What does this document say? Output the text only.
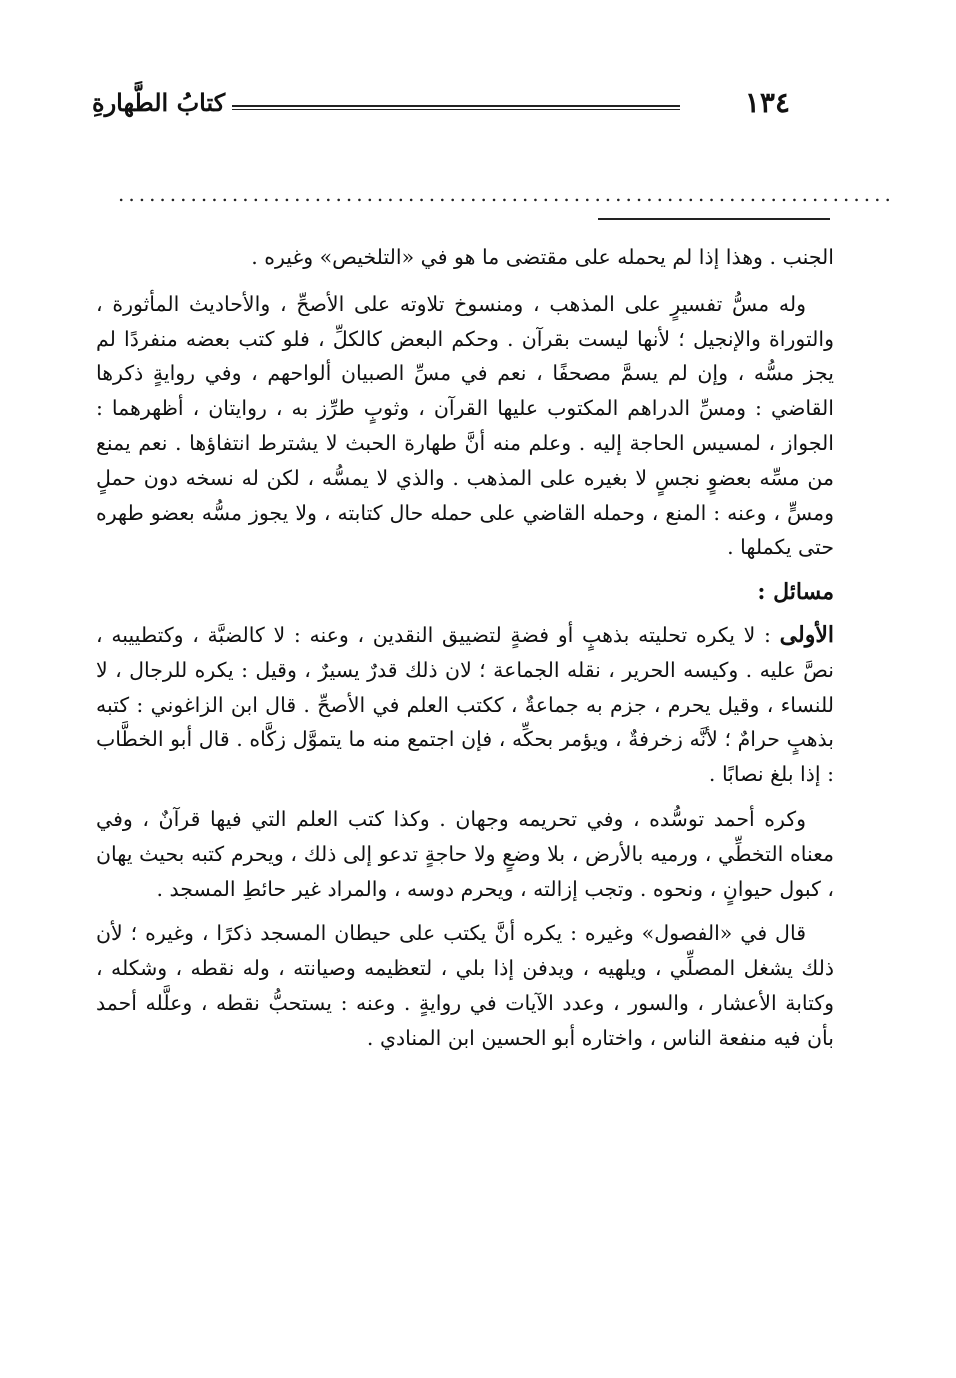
١٣٤
كتابُ الطَّهارةِ
...........................................................................

الجنب . وهذا إذا لم يحمله على مقتضى ما هو في «التلخيص» وغيره .

وله مسُّ تفسيرٍ على المذهب ، ومنسوخ تلاوته على الأصحِّ ، والأحاديث المأثورة ، والتوراة والإنجيل ؛ لأنها ليست بقرآن . وحكم البعض كالكلِّ ، فلو كتب بعضه منفردًا لم يجز مسُّه ، وإن لم يسمَّ مصحفًا ، نعم في مسِّ الصبيان ألواحهم ، وفي روايةٍ ذكرها القاضي : ومسِّ الدراهم المكتوب عليها القرآن ، وثوبٍ طرِّز به ، روايتان ، أظهرهما : الجواز ، لمسيس الحاجة إليه . وعلم منه أنَّ طهارة الحبث لا يشترط انتفاؤها . نعم يمنع من مسِّه بعضوٍ نجسٍ لا بغيره على المذهب . والذي لا يمسُّه ، لكن له نسخه دون حملٍ ومسٍّ ، وعنه : المنع ، وحمله القاضي على حمله حال كتابته ، ولا يجوز مسُّه بعضو طهره حتى يكملها .

مسائل :

الأولى : لا يكره تحليته بذهبٍ أو فضةٍ لتضييق النقدين ، وعنه : لا كالضبَّة ، وكتطييبه ، نصَّ عليه . وكيسه الحرير ، نقله الجماعة ؛ لان ذلك قدرٌ يسيرٌ ، وقيل : يكره للرجال ، لا للنساء ، وقيل يحرم ، جزم به جماعةٌ ، ككتب العلم في الأصحِّ . قال ابن الزاغوني : كتبه بذهبٍ حرامٌ ؛ لأنَّه زخرفةٌ ، ويؤمر بحكِّه ، فإن اجتمع منه ما يتموَّل زكَّاه . قال أبو الخطَّاب : إذا بلغ نصابًا .

وكره أحمد توسُّده ، وفي تحريمه وجهان . وكذا كتب العلم التي فيها قرآنٌ ، وفي معناه التخطِّي ، ورميه بالأرض ، بلا وضعٍ ولا حاجةٍ تدعو إلى ذلك ، ويحرم كتبه بحيث يهان ، كبول حيوانٍ ، ونحوه . وتجب إزالته ، ويحرم دوسه ، والمراد غير حائطِ المسجد .

قال في «الفصول» وغيره : يكره أنَّ يكتب على حيطان المسجد ذكرًا ، وغيره ؛ لأن ذلك يشغل المصلِّي ، ويلهيه ، ويدفن إذا بلي ، لتعظيمه وصيانته ، وله نقطه ، وشكله ، وكتابة الأعشار ، والسور ، وعدد الآيات في روايةٍ . وعنه : يستحبُّ نقطه ، وعلَّله أحمد بأن فيه منفعة الناس ، واختاره أبو الحسين ابن المنادي .
